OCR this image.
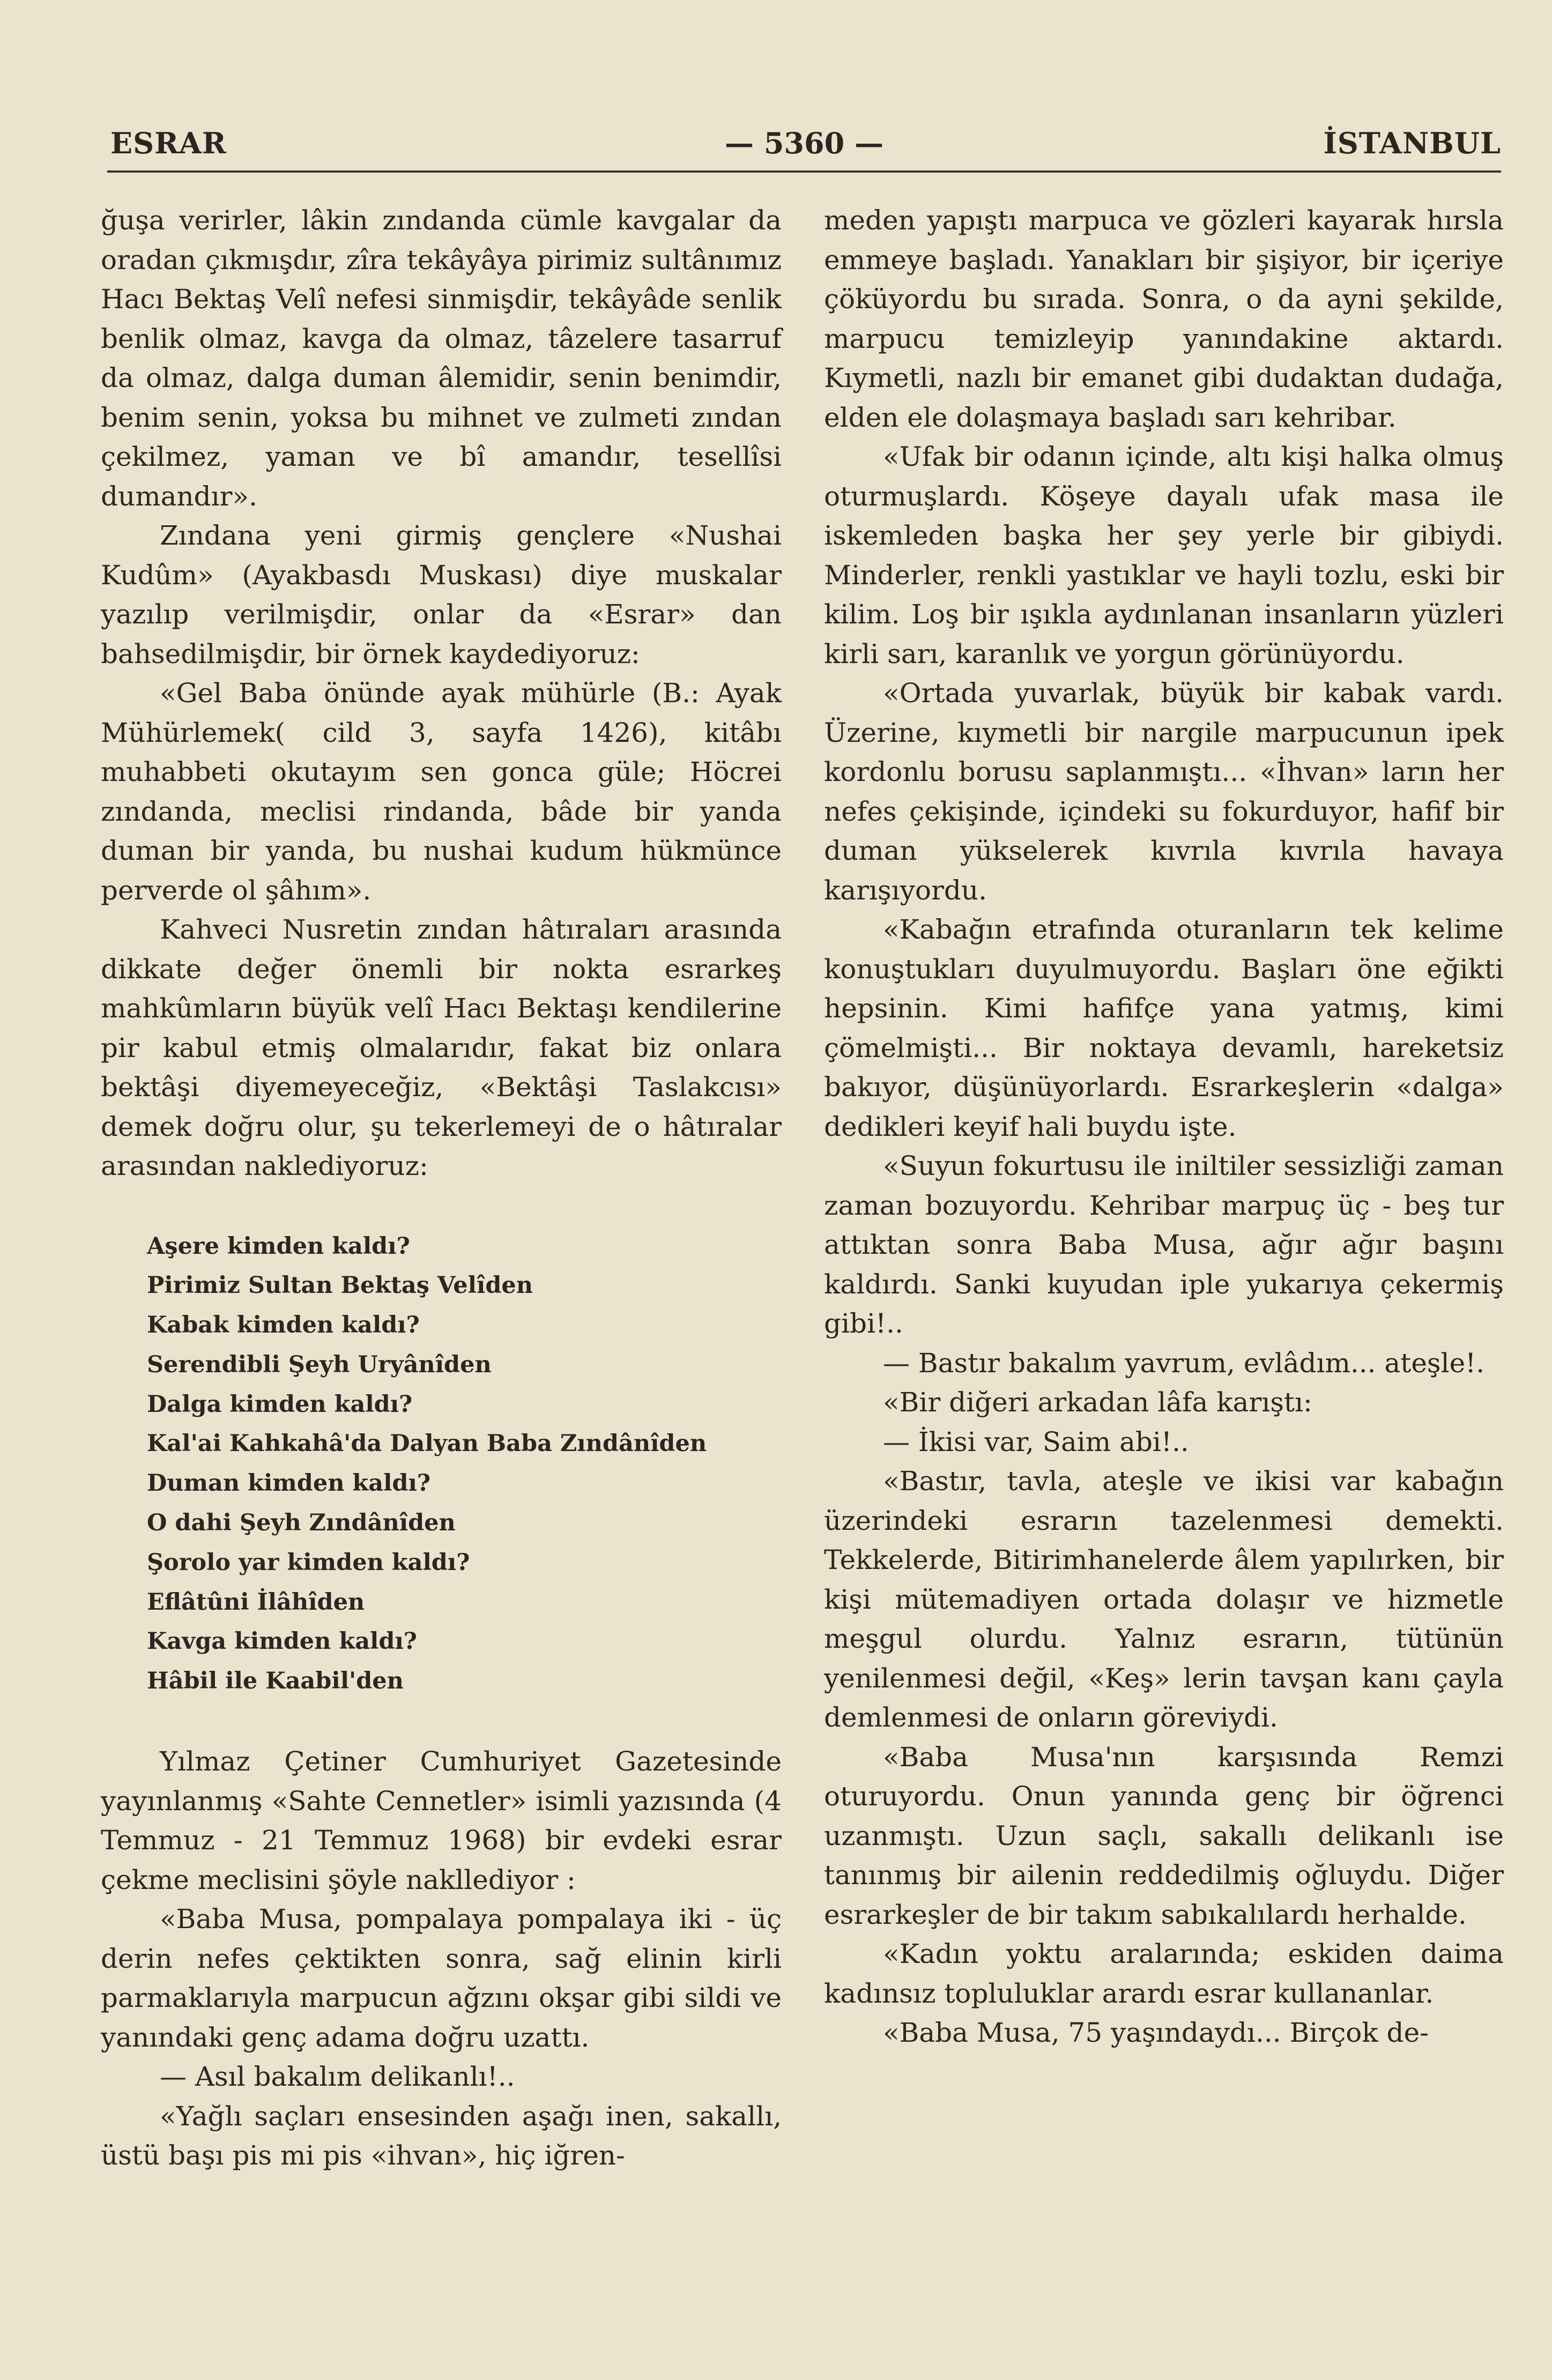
ESRAR	— 5360 —	İSTANBUL

ğuşa verirler, lâkin zındanda cümle kavgalar da oradan çıkmışdır, zîra tekâyâya pirimiz sultânımız Hacı Bektaş Velî nefesi sinmişdir, tekâyâde senlik benlik olmaz, kavga da olmaz, tâzelere tasarruf da olmaz, dalga duman âlemidir, senin benimdir, benim senin, yoksa bu mihnet ve zulmeti zından çekilmez, yaman ve bî amandır, tesellîsi dumandır».

Zındana yeni girmiş gençlere «Nushai Kudûm» (Ayakbasdı Muskası) diye muskalar yazılıp verilmişdir, onlar da «Esrar» dan bahsedilmişdir, bir örnek kaydediyoruz:

«Gel Baba önünde ayak mühürle (B.: Ayak Mühürlemek( cild 3, sayfa 1426), kitâbı muhabbeti okutayım sen gonca güle; Höcrei zındanda, meclisi rindanda, bâde bir yanda duman bir yanda, bu nushai kudum hükmünce perverde ol şâhım».

Kahveci Nusretin zından hâtıraları arasında dikkate değer önemli bir nokta esrarkeş mahkûmların büyük velî Hacı Bektaşı kendilerine pir kabul etmiş olmalarıdır, fakat biz onlara bektâşi diyemeyeceğiz, «Bektâşi Taslakcısı» demek doğru olur, şu tekerlemeyi de o hâtıralar arasından naklediyoruz:

Aşere kimden kaldı?
Pirimiz Sultan Bektaş Velîden
Kabak kimden kaldı?
Serendibli Şeyh Uryânîden
Dalga kimden kaldı?
Kal'ai Kahkahâ'da Dalyan Baba Zındânîden
Duman kimden kaldı?
O dahi Şeyh Zındânîden
Şorolo yar kimden kaldı?
Eflâtûni İlâhîden
Kavga kimden kaldı?
Hâbil ile Kaabil'den

Yılmaz Çetiner Cumhuriyet Gazetesinde yayınlanmış «Sahte Cennetler» isimli yazısında (4 Temmuz - 21 Temmuz 1968) bir evdeki esrar çekme meclisini şöyle nakllediyor :

«Baba Musa, pompalaya pompalaya iki - üç derin nefes çektikten sonra, sağ elinin kirli parmaklarıyla marpucun ağzını okşar gibi sildi ve yanındaki genç adama doğru uzattı.

— Asıl bakalım delikanlı!..

«Yağlı saçları ensesinden aşağı inen, sakallı, üstü başı pis mi pis «ihvan», hiç iğren-

meden yapıştı marpuca ve gözleri kayarak hırsla emmeye başladı. Yanakları bir şişiyor, bir içeriye çöküyordu bu sırada. Sonra, o da ayni şekilde, marpucu temizleyip yanındakine aktardı. Kıymetli, nazlı bir emanet gibi dudaktan dudağa, elden ele dolaşmaya başladı sarı kehribar.

«Ufak bir odanın içinde, altı kişi halka olmuş oturmuşlardı. Köşeye dayalı ufak masa ile iskemleden başka her şey yerle bir gibiydi. Minderler, renkli yastıklar ve hayli tozlu, eski bir kilim. Loş bir ışıkla aydınlanan insanların yüzleri kirli sarı, karanlık ve yorgun görünüyordu.

«Ortada yuvarlak, büyük bir kabak vardı. Üzerine, kıymetli bir nargile marpucunun ipek kordonlu borusu saplanmıştı... «İhvan» ların her nefes çekişinde, içindeki su fokurduyor, hafif bir duman yükselerek kıvrıla kıvrıla havaya karışıyordu.

«Kabağın etrafında oturanların tek kelime konuştukları duyulmuyordu. Başları öne eğikti hepsinin. Kimi hafifçe yana yatmış, kimi çömelmişti... Bir noktaya devamlı, hareketsiz bakıyor, düşünüyorlardı. Esrarkeşlerin «dalga» dedikleri keyif hali buydu işte.

«Suyun fokurtusu ile iniltiler sessizliği zaman zaman bozuyordu. Kehribar marpuç üç - beş tur attıktan sonra Baba Musa, ağır ağır başını kaldırdı. Sanki kuyudan iple yukarıya çekermiş gibi!..

— Bastır bakalım yavrum, evlâdım... ateşle!.

«Bir diğeri arkadan lâfa karıştı:

— İkisi var, Saim abi!..

«Bastır, tavla, ateşle ve ikisi var kabağın üzerindeki esrarın tazelenmesi demekti. Tekkelerde, Bitirimhanelerde âlem yapılırken, bir kişi mütemadiyen ortada dolaşır ve hizmetle meşgul olurdu. Yalnız esrarın, tütünün yenilenmesi değil, «Keş» lerin tavşan kanı çayla demlenmesi de onların göreviydi.

«Baba Musa'nın karşısında Remzi oturuyordu. Onun yanında genç bir öğrenci uzanmıştı. Uzun saçlı, sakallı delikanlı ise tanınmış bir ailenin reddedilmiş oğluydu. Diğer esrarkeşler de bir takım sabıkalılardı herhalde.

«Kadın yoktu aralarında; eskiden daima kadınsız topluluklar arardı esrar kullananlar.

«Baba Musa, 75 yaşındaydı... Birçok de-
